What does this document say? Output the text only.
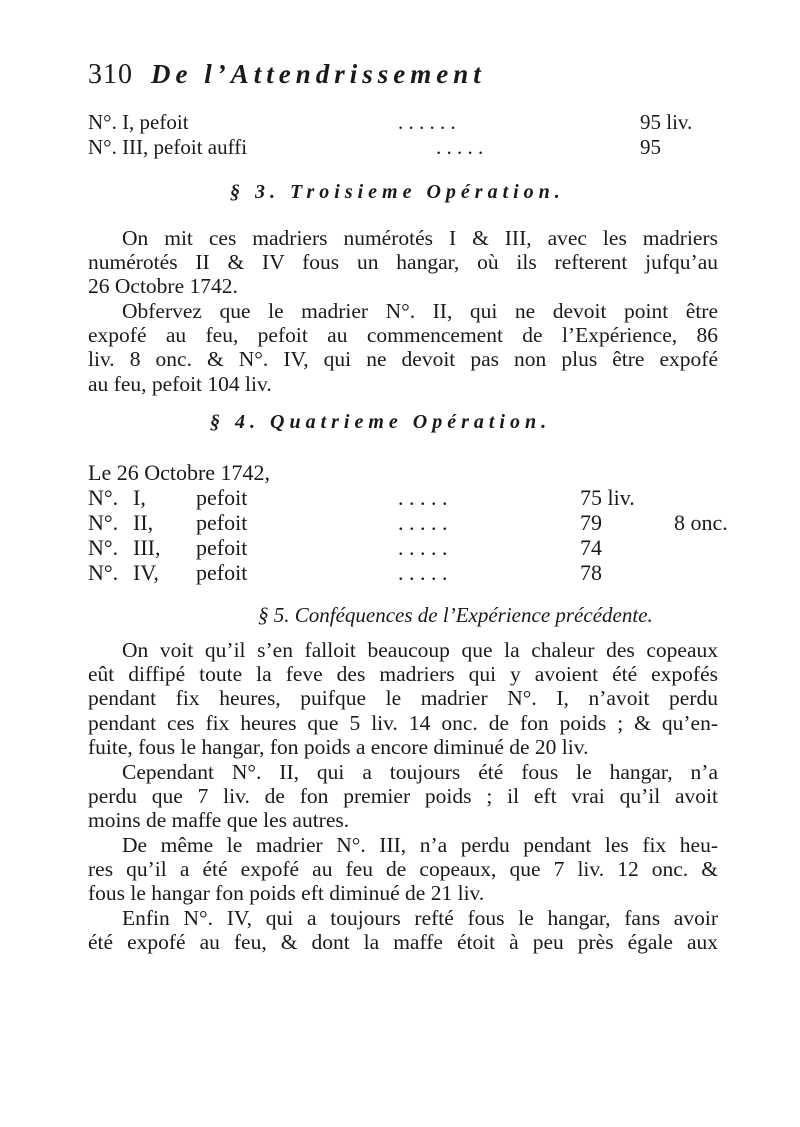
310 De l’Attendrissement
N°. I, pefoit	. . . . . .	95 liv.
N°. III, pefoit auffi	. . . . .	95
§ 3. Troisieme Opération.
On mit ces madriers numérotés I & III, avec les madriers
numérotés II & IV fous un hangar, où ils refterent jufqu’au
26 Octobre 1742.
Obfervez que le madrier N°. II, qui ne devoit point être
expofé au feu, pefoit au commencement de l’Expérience, 86
liv. 8 onc. & N°. IV, qui ne devoit pas non plus être expofé
au feu, pefoit 104 liv.
§ 4. Quatrieme Opération.
Le 26 Octobre 1742,
N°. I, pefoit	. . . . .	75 liv.
N°. II, pefoit	. . . . .	79	8 onc.
N°. III, pefoit	. . . . .	74
N°. IV, pefoit	. . . . .	78
§ 5. Conféquences de l’Expérience précédente.
On voit qu’il s’en falloit beaucoup que la chaleur des copeaux
eût diffipé toute la feve des madriers qui y avoient été expofés
pendant fix heures, puifque le madrier N°. I, n’avoit perdu
pendant ces fix heures que 5 liv. 14 onc. de fon poids ; & qu’en-
fuite, fous le hangar, fon poids a encore diminué de 20 liv.
Cependant N°. II, qui a toujours été fous le hangar, n’a
perdu que 7 liv. de fon premier poids ; il eft vrai qu’il avoit
moins de maffe que les autres.
De même le madrier N°. III, n’a perdu pendant les fix heu-
res qu’il a été expofé au feu de copeaux, que 7 liv. 12 onc. &
fous le hangar fon poids eft diminué de 21 liv.
Enfin N°. IV, qui a toujours refté fous le hangar, fans avoir
été expofé au feu, & dont la maffe étoit à peu près égale aux
